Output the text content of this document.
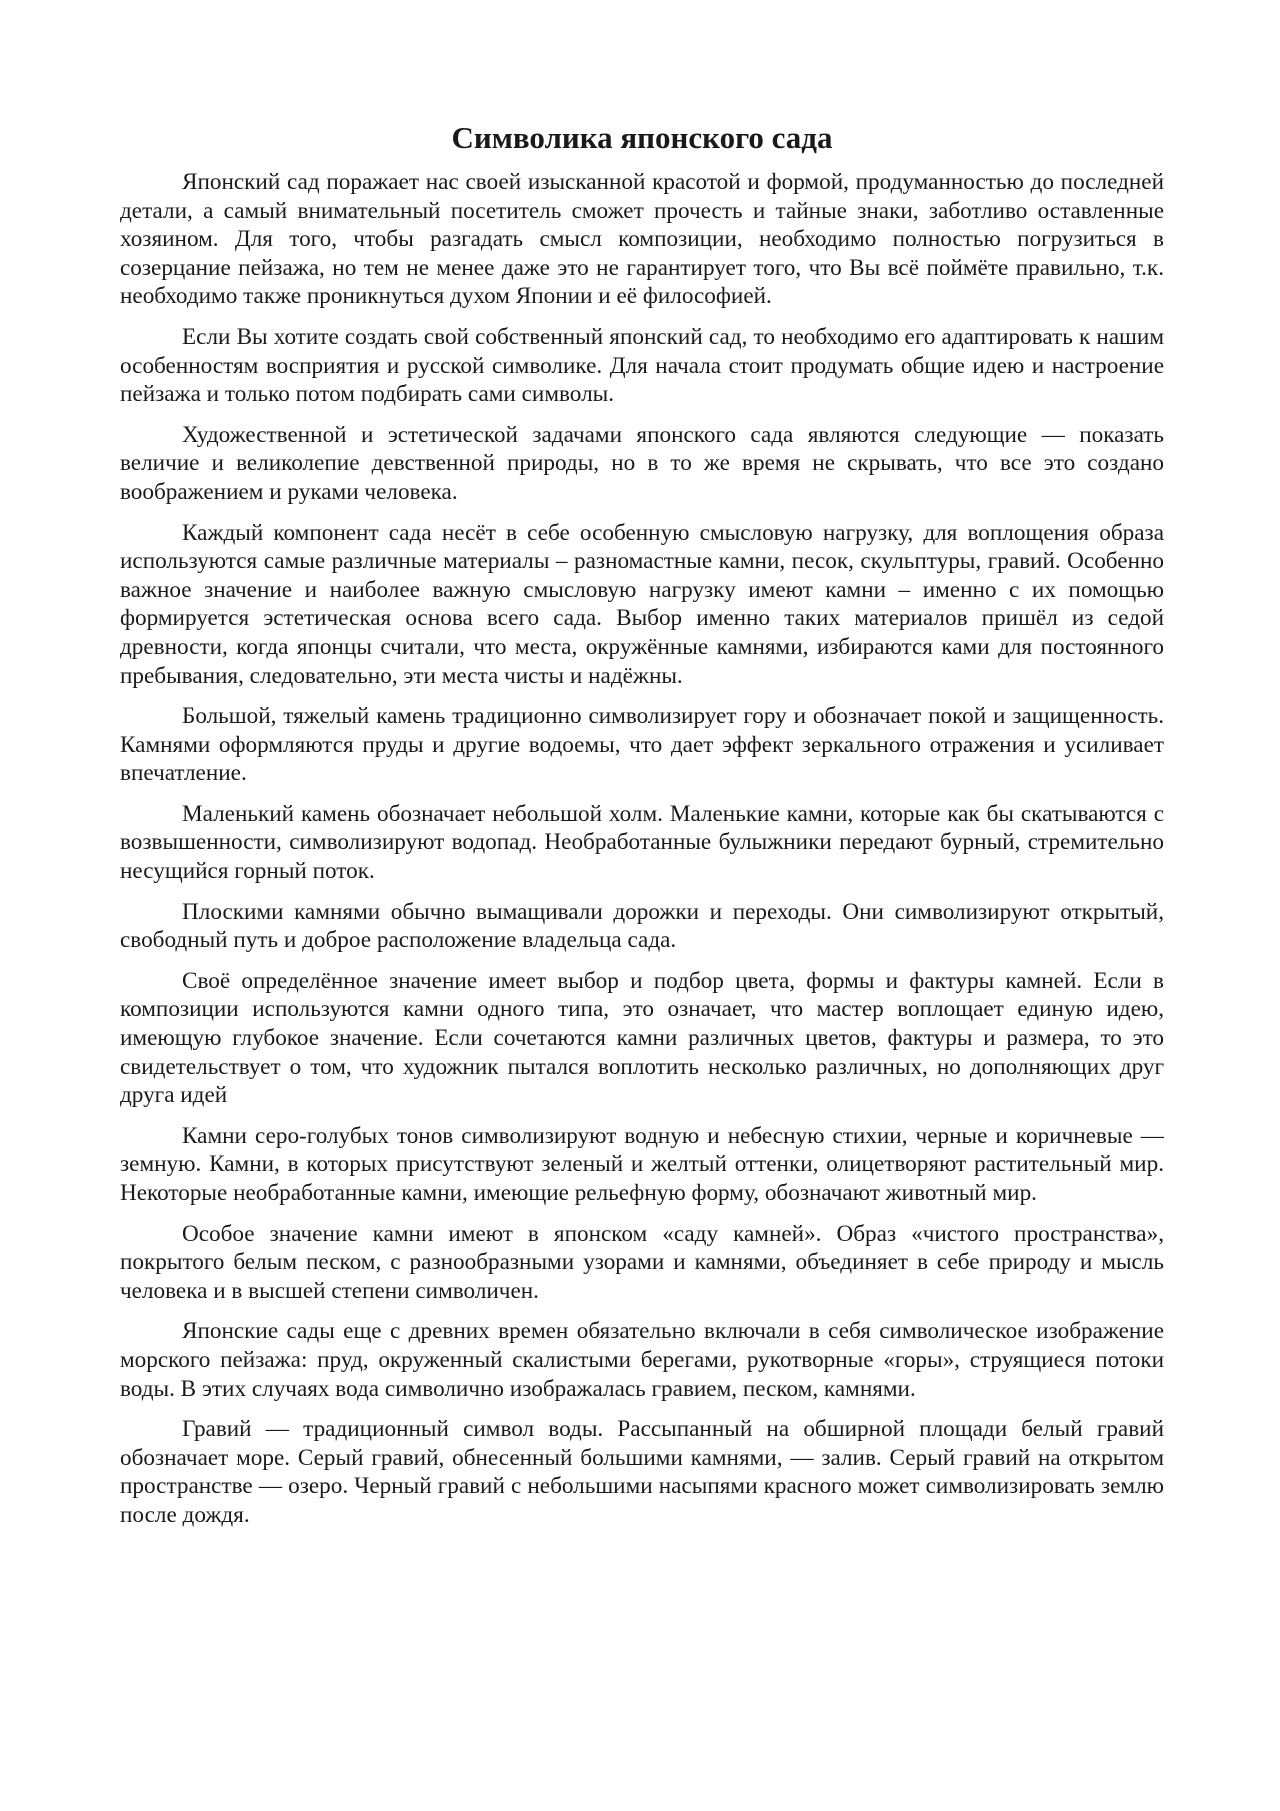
Символика японского сада

Японский сад поражает нас своей изысканной красотой и формой, продуманностью до последней детали, а самый внимательный посетитель сможет прочесть и тайные знаки, заботливо оставленные хозяином. Для того, чтобы разгадать смысл композиции, необходимо полностью погрузиться в созерцание пейзажа, но тем не менее даже это не гарантирует того, что Вы всё поймёте правильно, т.к. необходимо также проникнуться духом Японии и её философией.

Если Вы хотите создать свой собственный японский сад, то необходимо его адаптировать к нашим особенностям восприятия и русской символике. Для начала стоит продумать общие идею и настроение пейзажа и только потом подбирать сами символы.

Художественной и эстетической задачами японского сада являются следующие — показать величие и великолепие девственной природы, но в то же время не скрывать, что все это создано воображением и руками человека.

Каждый компонент сада несёт в себе особенную смысловую нагрузку, для воплощения образа используются самые различные материалы – разномастные камни, песок, скульптуры, гравий. Особенно важное значение и наиболее важную смысловую нагрузку имеют камни – именно с их помощью формируется эстетическая основа всего сада. Выбор именно таких материалов пришёл из седой древности, когда японцы считали, что места, окружённые камнями, избираются ками для постоянного пребывания, следовательно, эти места чисты и надёжны.

Большой, тяжелый камень традиционно символизирует гору и обозначает покой и защищенность. Камнями оформляются пруды и другие водоемы, что дает эффект зеркального отражения и усиливает впечатление.

Маленький камень обозначает небольшой холм. Маленькие камни, которые как бы скатываются с возвышенности, символизируют водопад. Необработанные булыжники передают бурный, стремительно несущийся горный поток.

Плоскими камнями обычно вымащивали дорожки и переходы. Они символизируют открытый, свободный путь и доброе расположение владельца сада.

Своё определённое значение имеет выбор и подбор цвета, формы и фактуры камней. Если в композиции используются камни одного типа, это означает, что мастер воплощает единую идею, имеющую глубокое значение. Если сочетаются камни различных цветов, фактуры и размера, то это свидетельствует о том, что художник пытался воплотить несколько различных, но дополняющих друг друга идей

Камни серо-голубых тонов символизируют водную и небесную стихии, черные и коричневые — земную. Камни, в которых присутствуют зеленый и желтый оттенки, олицетворяют растительный мир. Некоторые необработанные камни, имеющие рельефную форму, обозначают животный мир.

Особое значение камни имеют в японском «саду камней». Образ «чистого пространства», покрытого белым песком, с разнообразными узорами и камнями, объединяет в себе природу и мысль человека и в высшей степени символичен.

Японские сады еще с древних времен обязательно включали в себя символическое изображение морского пейзажа: пруд, окруженный скалистыми берегами, рукотворные «горы», струящиеся потоки воды. В этих случаях вода символично изображалась гравием, песком, камнями.

Гравий — традиционный символ воды. Рассыпанный на обширной площади белый гравий обозначает море. Серый гравий, обнесенный большими камнями, — залив. Серый гравий на открытом пространстве — озеро. Черный гравий с небольшими насыпями красного может символизировать землю после дождя.
